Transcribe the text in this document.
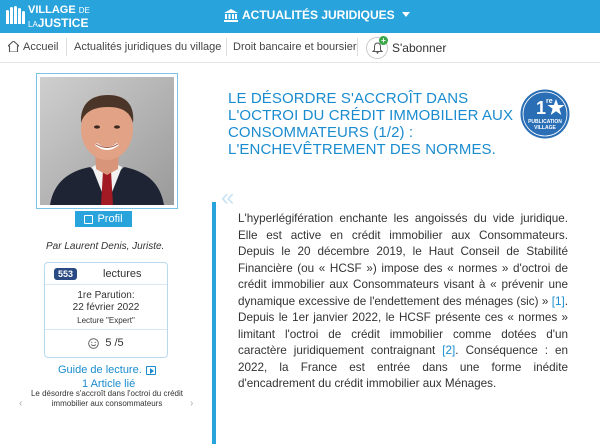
VILLAGE DE
LAJUSTICE
ACTUALITÉS JURIDIQUES
Accueil Actualités juridiques du village Droit bancaire et boursier
+
S'abonner
Profil
Par Laurent Denis, Juriste.
553	lectures
1re Parution:
22 février 2022
Lecture "Expert"
5 /5
Guide de lecture.
1 Article lié
‹
Le désordre s'accroît dans l'octroi du crédit immobilier aux consommateurs	›
LE DÉSORDRE S'ACCROÎT DANS L'OCTROI DU CRÉDIT IMMOBILIER AUX CONSOMMATEURS (1/2) : L'ENCHEVÊTREMENT DES NORMES.
1 re
PUBLICATION
VILLAGE
«
L'hyperlégifération enchante les angoissés du vide juridique. Elle est active en crédit immobilier aux Consommateurs. Depuis le 20 décembre 2019, le Haut Conseil de Stabilité Financière (ou « HCSF ») impose des « normes » d'octroi de crédit immobilier aux Consommateurs visant à « prévenir une dynamique excessive de l'endettement des ménages (sic) » [1]. Depuis le 1er janvier 2022, le HCSF présente ces « normes » limitant l'octroi de crédit immobilier comme dotées d'un caractère juridiquement contraignant [2]. Conséquence : en 2022, la France est entrée dans une forme inédite d'encadrement du crédit immobilier aux Ménages.
